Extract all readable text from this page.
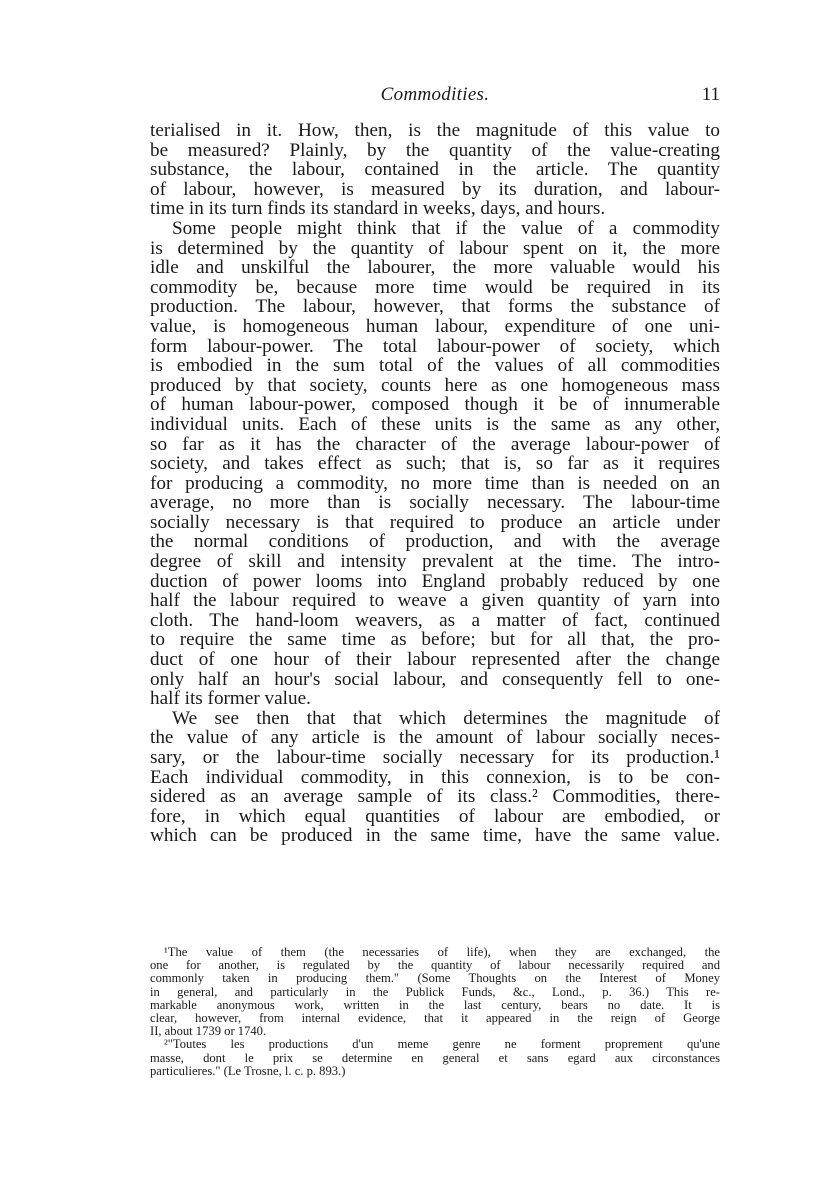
Commodities.	11
terialised in it. How, then, is the magnitude of this value to
be measured? Plainly, by the quantity of the value-creating
substance, the labour, contained in the article. The quantity
of labour, however, is measured by its duration, and labour-
time in its turn finds its standard in weeks, days, and hours.
Some people might think that if the value of a commodity
is determined by the quantity of labour spent on it, the more
idle and unskilful the labourer, the more valuable would his
commodity be, because more time would be required in its
production. The labour, however, that forms the substance of
value, is homogeneous human labour, expenditure of one uni-
form labour-power. The total labour-power of society, which
is embodied in the sum total of the values of all commodities
produced by that society, counts here as one homogeneous mass
of human labour-power, composed though it be of innumerable
individual units. Each of these units is the same as any other,
so far as it has the character of the average labour-power of
society, and takes effect as such; that is, so far as it requires
for producing a commodity, no more time than is needed on an
average, no more than is socially necessary. The labour-time
socially necessary is that required to produce an article under
the normal conditions of production, and with the average
degree of skill and intensity prevalent at the time. The intro-
duction of power looms into England probably reduced by one
half the labour required to weave a given quantity of yarn into
cloth. The hand-loom weavers, as a matter of fact, continued
to require the same time as before; but for all that, the pro-
duct of one hour of their labour represented after the change
only half an hour's social labour, and consequently fell to one-
half its former value.
We see then that that which determines the magnitude of
the value of any article is the amount of labour socially neces-
sary, or the labour-time socially necessary for its production.¹
Each individual commodity, in this connexion, is to be con-
sidered as an average sample of its class.² Commodities, there-
fore, in which equal quantities of labour are embodied, or
which can be produced in the same time, have the same value.
¹The value of them (the necessaries of life), when they are exchanged, the
one for another, is regulated by the quantity of labour necessarily required and
commonly taken in producing them." (Some Thoughts on the Interest of Money
in general, and particularly in the Publick Funds, &c., Lond., p. 36.) This re-
markable anonymous work, written in the last century, bears no date. It is
clear, however, from internal evidence, that it appeared in the reign of George
II, about 1739 or 1740.
²"Toutes les productions d'un meme genre ne forment proprement qu'une
masse, dont le prix se determine en general et sans egard aux circonstances
particulieres." (Le Trosne, l. c. p. 893.)
